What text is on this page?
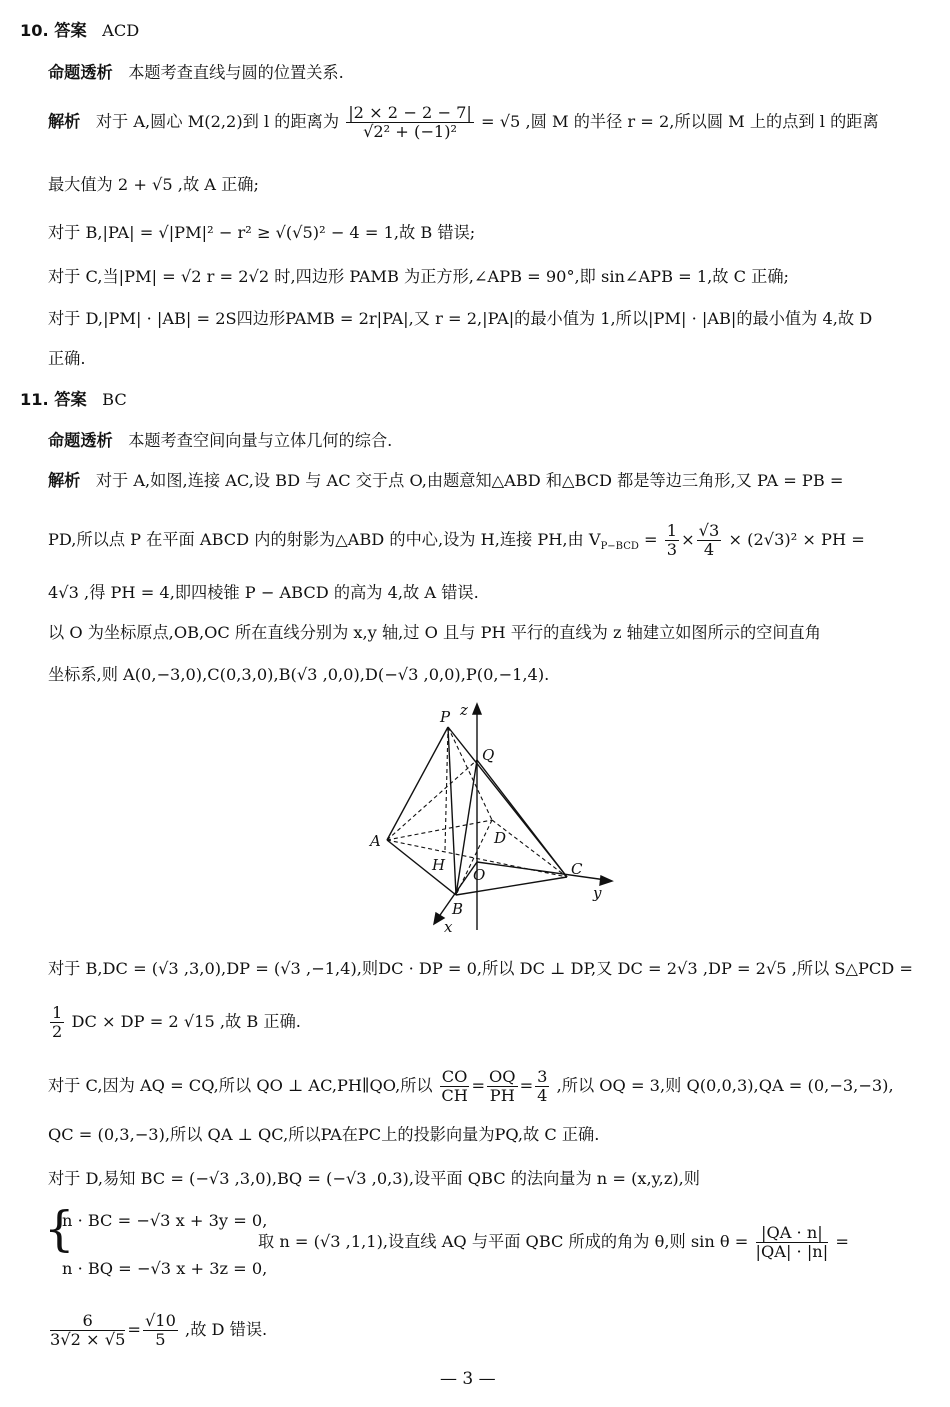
10. 答案 ACD
命题透析 本题考查直线与圆的位置关系.
解析 对于 A,圆心 M(2,2)到 l 的距离为 $\frac{|2 \times 2 - 2 - 7|}{\text{√2² + (−1)²}} = √5$ ,圆 M 的半径 r = 2,所以圆 M 上的点到 l 的距离
最大值为 2 + √5 ,故 A 正确;
对于 B,|PA| = √|PM|² − r² ≥ √(√5)² − 4 = 1,故 B 错误;
对于 C,当|PM| = √2 r = 2√2 时,四边形 PAMB 为正方形,∠APB = 90°,即 sin∠APB = 1,故 C 正确;
对于 D,|PM| · |AB| = 2S四边形PAMB = 2r|PA|,又 r = 2,|PA|的最小值为 1,所以|PM| · |AB|的最小值为 4,故 D
正确.
11. 答案 BC
命题透析 本题考查空间向量与立体几何的综合.
解析 对于 A,如图,连接 AC,设 BD 与 AC 交于点 O,由题意知△ABD 和△BCD 都是等边三角形,又 PA = PB =
PD,所以点 P 在平面 ABCD 内的射影为△ABD 的中心,设为 H,连接 PH,由 $V_{P-BCD} = \frac{1}{3} \times \frac{√3}{4} \times (2√3)^2$ × PH =
4√3 ,得 PH = 4,即四棱锥 P − ABCD 的高为 4,故 A 错误.
以 O 为坐标原点,OB,OC 所在直线分别为 x,y 轴,过 O 且与 PH 平行的直线为 z 轴建立如图所示的空间直角
坐标系,则 A(0,−3,0),C(0,3,0),B(√3 ,0,0),D(−√3 ,0,0),P(0,−1,4).
P z
Q
A	D
H
O	C
y
B
x
对于 B,DC = (√3 ,3,0),DP = (√3 ,−1,4),则DC · DP = 0,所以 DC ⊥ DP,又 DC = 2√3 ,DP = 2√5 ,所以 S△PCD =
$\frac{1}{2}$ DC × DP = 2 √15 ,故 B 正确.
对于 C,因为 AQ = CQ,所以 QO ⊥ AC,PH∥QO,所以 $\frac{CO}{CH} = \frac{OQ}{PH} = \frac{3}{4}$ ,所以 OQ = 3,则 Q(0,0,3),QA = (0,−3,−3),
QC = (0,3,−3),所以 QA ⊥ QC,所以PA在PC上的投影向量为PQ,故 C 正确.
对于 D,易知 BC = (−√3 ,3,0),BQ = (−√3 ,0,3),设平面 QBC 的法向量为 n = (x,y,z),则
{
n · BC = −√3 x + 3y = 0,
n · BQ = −√3 x + 3z = 0,
取 n = (√3 ,1,1),设直线 AQ 与平面 QBC 所成的角为 θ,则 $\sin \theta = \frac{|QA \cdot n|}{|QA| \cdot |n|}$ =
$\frac{6}{3√2 \times √5} = \frac{√10}{5}$ ,故 D 错误.
— 3 —
